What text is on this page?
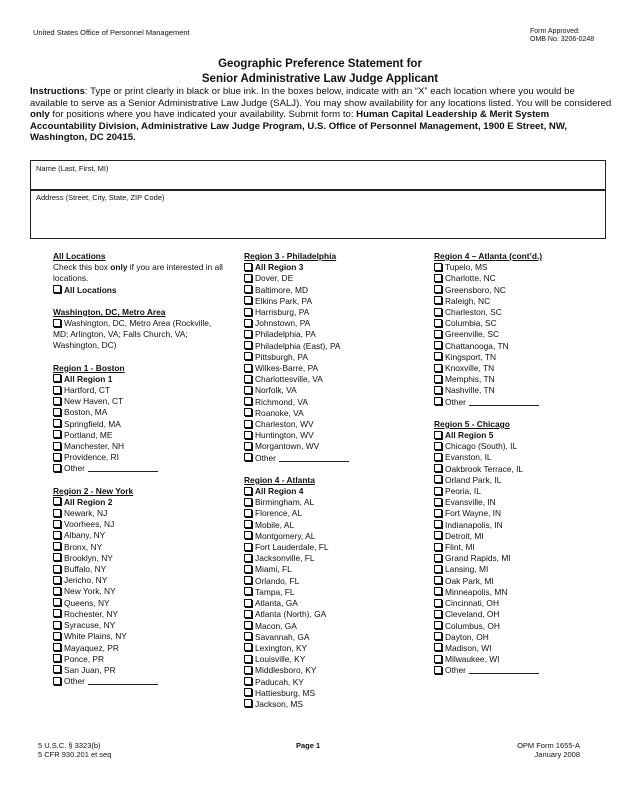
United States Office of Personnel Management	Form Approved:
OMB No. 3206-0248
Geographic Preference Statement for
Senior Administrative Law Judge Applicant
Instructions: Type or print clearly in black or blue ink. In the boxes below, indicate with an “X” each location where you would be available to serve as a Senior Administrative Law Judge (SALJ). You may show availability for any locations listed. You will be considered only for positions where you have indicated your availability. Submit form to: Human Capital Leadership & Merit System Accountability Division, Administrative Law Judge Program, U.S. Office of Personnel Management, 1900 E Street, NW, Washington, DC 20415.
Name (Last, First, MI)
Address (Street, City, State, ZIP Code)
All Locations
Check this box only if you are interested in all locations.
All Locations
Washington, DC, Metro Area
Washington, DC, Metro Area (Rockville, MD; Arlington, VA; Falls Church, VA; Washington, DC)
Region 1 - Boston
All Region 1
Hartford, CT
New Haven, CT
Boston, MA
Springfield, MA
Portland, ME
Manchester, NH
Providence, RI
Other
Region 2 - New York
All Region 2
Newark, NJ
Voorhees, NJ
Albany, NY
Bronx, NY
Brooklyn, NY
Buffalo, NY
Jericho, NY
New York, NY
Queens, NY
Rochester, NY
Syracuse, NY
White Plains, NY
Mayaquez, PR
Ponce, PR
San Juan, PR
Other
Region 3 - Philadelphia
All Region 3
Dover, DE
Baltimore, MD
Elkins Park, PA
Harrisburg, PA
Johnstown, PA
Philadelphia, PA
Philadelphia (East), PA
Pittsburgh, PA
Wilkes-Barre, PA
Charlottesville, VA
Norfolk, VA
Richmond, VA
Roanoke, VA
Charleston, WV
Huntington, WV
Morgantown, WV
Other
Region 4 - Atlanta
All Region 4
Birmingham, AL
Florence, AL
Mobile, AL
Montgomery, AL
Fort Lauderdale, FL
Jacksonville, FL
Miami, FL
Orlando, FL
Tampa, FL
Atlanta, GA
Atlanta (North), GA
Macon, GA
Savannah, GA
Lexington, KY
Louisville, KY
Middlesboro, KY
Paducah, KY
Hattiesburg, MS
Jackson, MS
Region 4 – Atlanta (cont’d.)
Tupelo, MS
Charlotte, NC
Greensboro, NC
Raleigh, NC
Charleston, SC
Columbia, SC
Greenville, SC
Chattanooga, TN
Kingsport, TN
Knoxville, TN
Memphis, TN
Nashville, TN
Other
Region 5 - Chicago
All Region 5
Chicago (South), IL
Evanston, IL
Oakbrook Terrace, IL
Orland Park, IL
Peoria, IL
Evansville, IN
Fort Wayne, IN
Indianapolis, IN
Detroit, MI
Flint, MI
Grand Rapids, MI
Lansing, MI
Oak Park, MI
Minneapolis, MN
Cincinnati, OH
Cleveland, OH
Columbus, OH
Dayton, OH
Madison, WI
Milwaukee, WI
Other
5 U.S.C. § 3323(b)
5 CFR 930.201 et seq
Page 1	OPM Form 1655-A
January 2008
